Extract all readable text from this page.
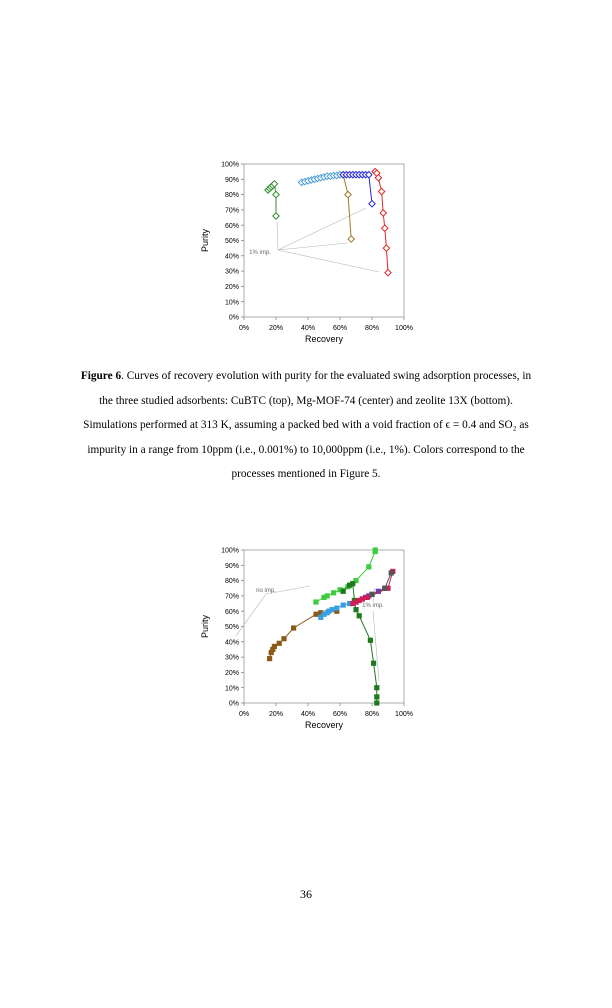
0%
10%
20%
30%
40%
50%
60%
70%
80%
90%
100%
0%	20%	40%	60%	80% 100%
Recovery
Purity
1% imp.
Figure 6. Curves of recovery evolution with purity for the evaluated swing adsorption processes, in the three studied adsorbents: CuBTC (top), Mg-MOF-74 (center) and zeolite 13X (bottom). Simulations performed at 313 K, assuming a packed bed with a void fraction of ϵ = 0.4 and SO₂ as impurity in a range from 10ppm (i.e., 0.001%) to 10,000ppm (i.e., 1%). Colors correspond to the processes mentioned in Figure 5.
0%
10%
20%
30%
40%
50%
60%
70%
80%
90%
100%
0%	20%	40%	60%	80% 100%
Recovery
Purity
no imp.
1% imp.
36
